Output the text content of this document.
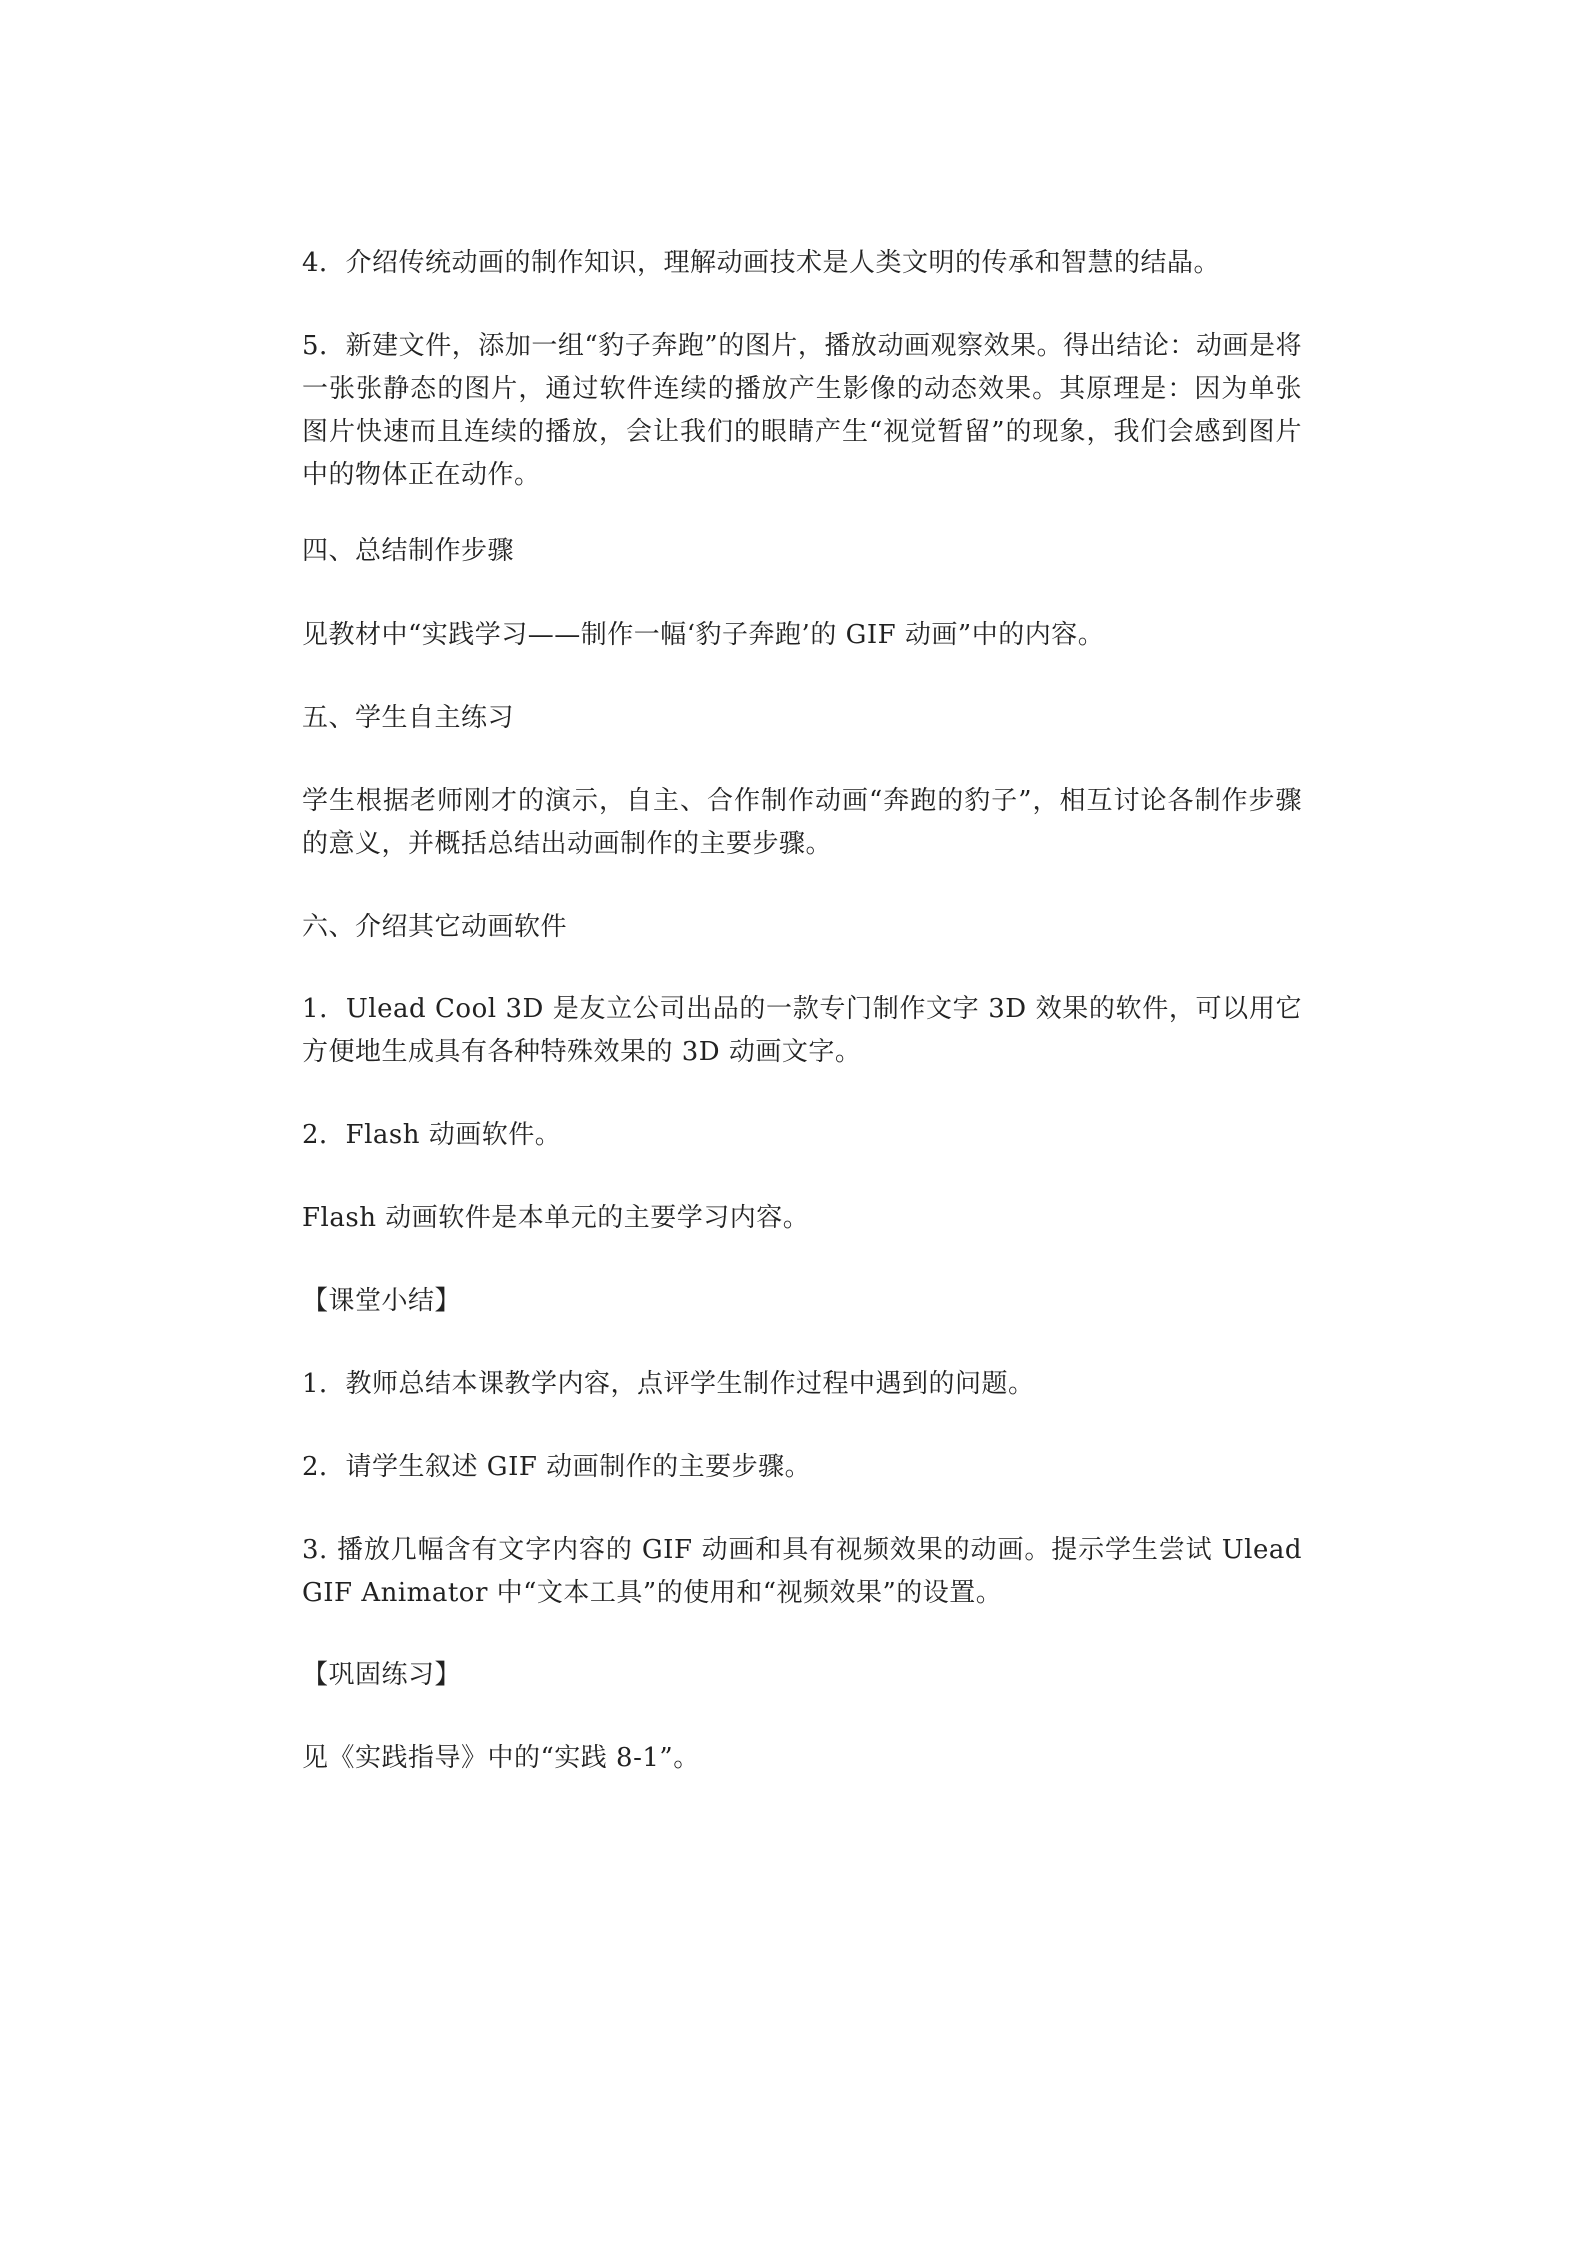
4．介绍传统动画的制作知识，理解动画技术是人类文明的传承和智慧的结晶。

5．新建文件，添加一组“豹子奔跑”的图片，播放动画观察效果。得出结论：动画是将一张张静态的图片，通过软件连续的播放产生影像的动态效果。其原理是：因为单张图片快速而且连续的播放，会让我们的眼睛产生“视觉暂留”的现象，我们会感到图片中的物体正在动作。

四、总结制作步骤

见教材中“实践学习——制作一幅‘豹子奔跑’的 GIF 动画”中的内容。

五、学生自主练习

学生根据老师刚才的演示，自主、合作制作动画“奔跑的豹子”，相互讨论各制作步骤的意义，并概括总结出动画制作的主要步骤。

六、介绍其它动画软件

1．Ulead Cool 3D 是友立公司出品的一款专门制作文字 3D 效果的软件，可以用它方便地生成具有各种特殊效果的 3D 动画文字。

2．Flash 动画软件。

Flash 动画软件是本单元的主要学习内容。

【课堂小结】

1．教师总结本课教学内容，点评学生制作过程中遇到的问题。

2．请学生叙述 GIF 动画制作的主要步骤。

3. 播放几幅含有文字内容的 GIF 动画和具有视频效果的动画。提示学生尝试 Ulead GIF Animator 中“文本工具”的使用和“视频效果”的设置。

【巩固练习】

见《实践指导》中的“实践 8-1”。
